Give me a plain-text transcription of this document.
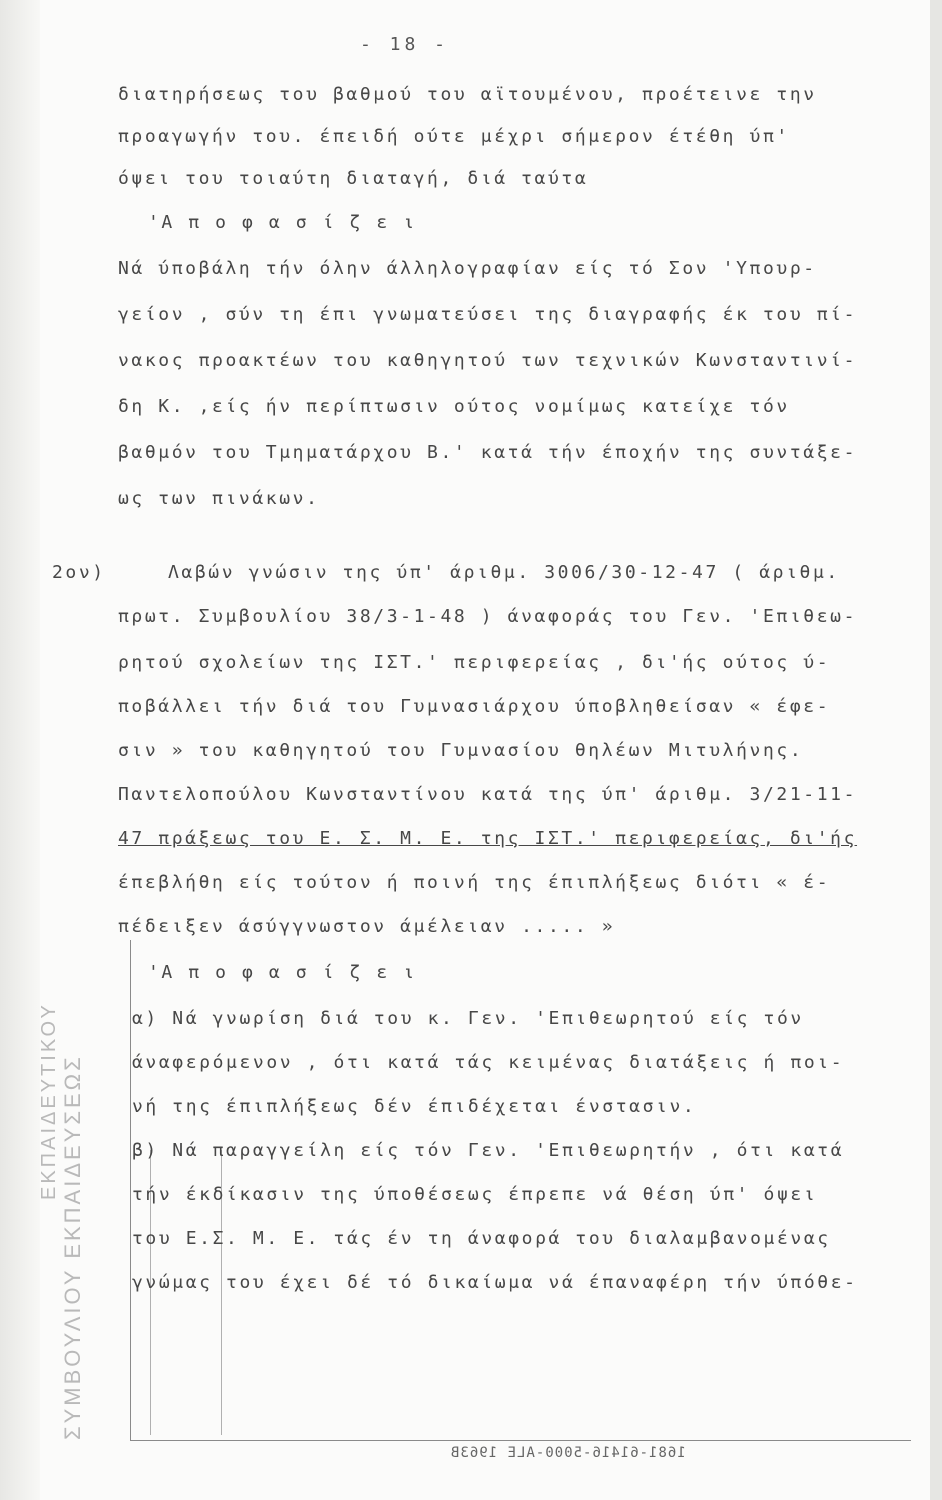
- 18 -
διατηρήσεως του βαθμού του αϊτουμένου, προέτεινε την
προαγωγήν του. έπειδή ούτε μέχρι σήμερον έτέθη ύπ'
όψει του τοιαύτη διαταγή, διά ταύτα
'Α π ο φ α σ ί ζ ε ι
Νά ύποβάλη τήν όλην άλληλογραφίαν είς τό Σον 'Υπουρ-
γείον , σύν τη έπι γνωματεύσει της διαγραφής έκ του πί-
νακος προακτέων του καθηγητού των τεχνικών Κωνσταντινί-
δη Κ. ,είς ήν περίπτωσιν ούτος νομίμως κατείχε τόν
βαθμόν του Τμηματάρχου Β.' κατά τήν έποχήν της συντάξε-
ως των πινάκων.
2ον)	Λαβών γνώσιν της ύπ' άριθμ. 3006/30-12-47 ( άριθμ.
πρωτ. Συμβουλίου 38/3-1-48 ) άναφοράς του Γεν. 'Επιθεω-
ρητού σχολείων της ΙΣΤ.' περιφερείας , δι'ής ούτος ύ-
ποβάλλει τήν διά του Γυμνασιάρχου ύποβληθείσαν « έφε-
σιν » του καθηγητού του Γυμνασίου θηλέων Μιτυλήνης.
Παντελοπούλου Κωνσταντίνου κατά της ύπ' άριθμ. 3/21-11-
47 πράξεως του Ε. Σ. Μ. Ε. της ΙΣΤ.' περιφερείας, δι'ής
έπεβλήθη είς τούτον ή ποινή της έπιπλήξεως διότι « έ-
πέδειξεν άσύγγνωστον άμέλειαν ..... »
'Α π ο φ α σ ί ζ ε ι
α) Νά γνωρίση διά του κ. Γεν. 'Επιθεωρητού είς τόν
άναφερόμενον , ότι κατά τάς κειμένας διατάξεις ή ποι-
νή της έπιπλήξεως δέν έπιδέχεται ένστασιν.
β) Νά παραγγείλη είς τόν Γεν. 'Επιθεωρητήν , ότι κατά
τήν έκδίκασιν της ύποθέσεως έπρεπε νά θέση ύπ' όψει
του Ε.Σ. Μ. Ε. τάς έν τη άναφορά του διαλαμβανομένας
γνώμας του έχει δέ τό δικαίωμα νά έπαναφέρη τήν ύπόθε-
ΣΥΜΒΟΥΛΙΟΥ ΕΚΠΑΙΔΕΥΣΕΩΣ
ΕΚΠΑΙΔΕΥΤΙΚΟΥ
1681-61416-5000-ALE 1963B
